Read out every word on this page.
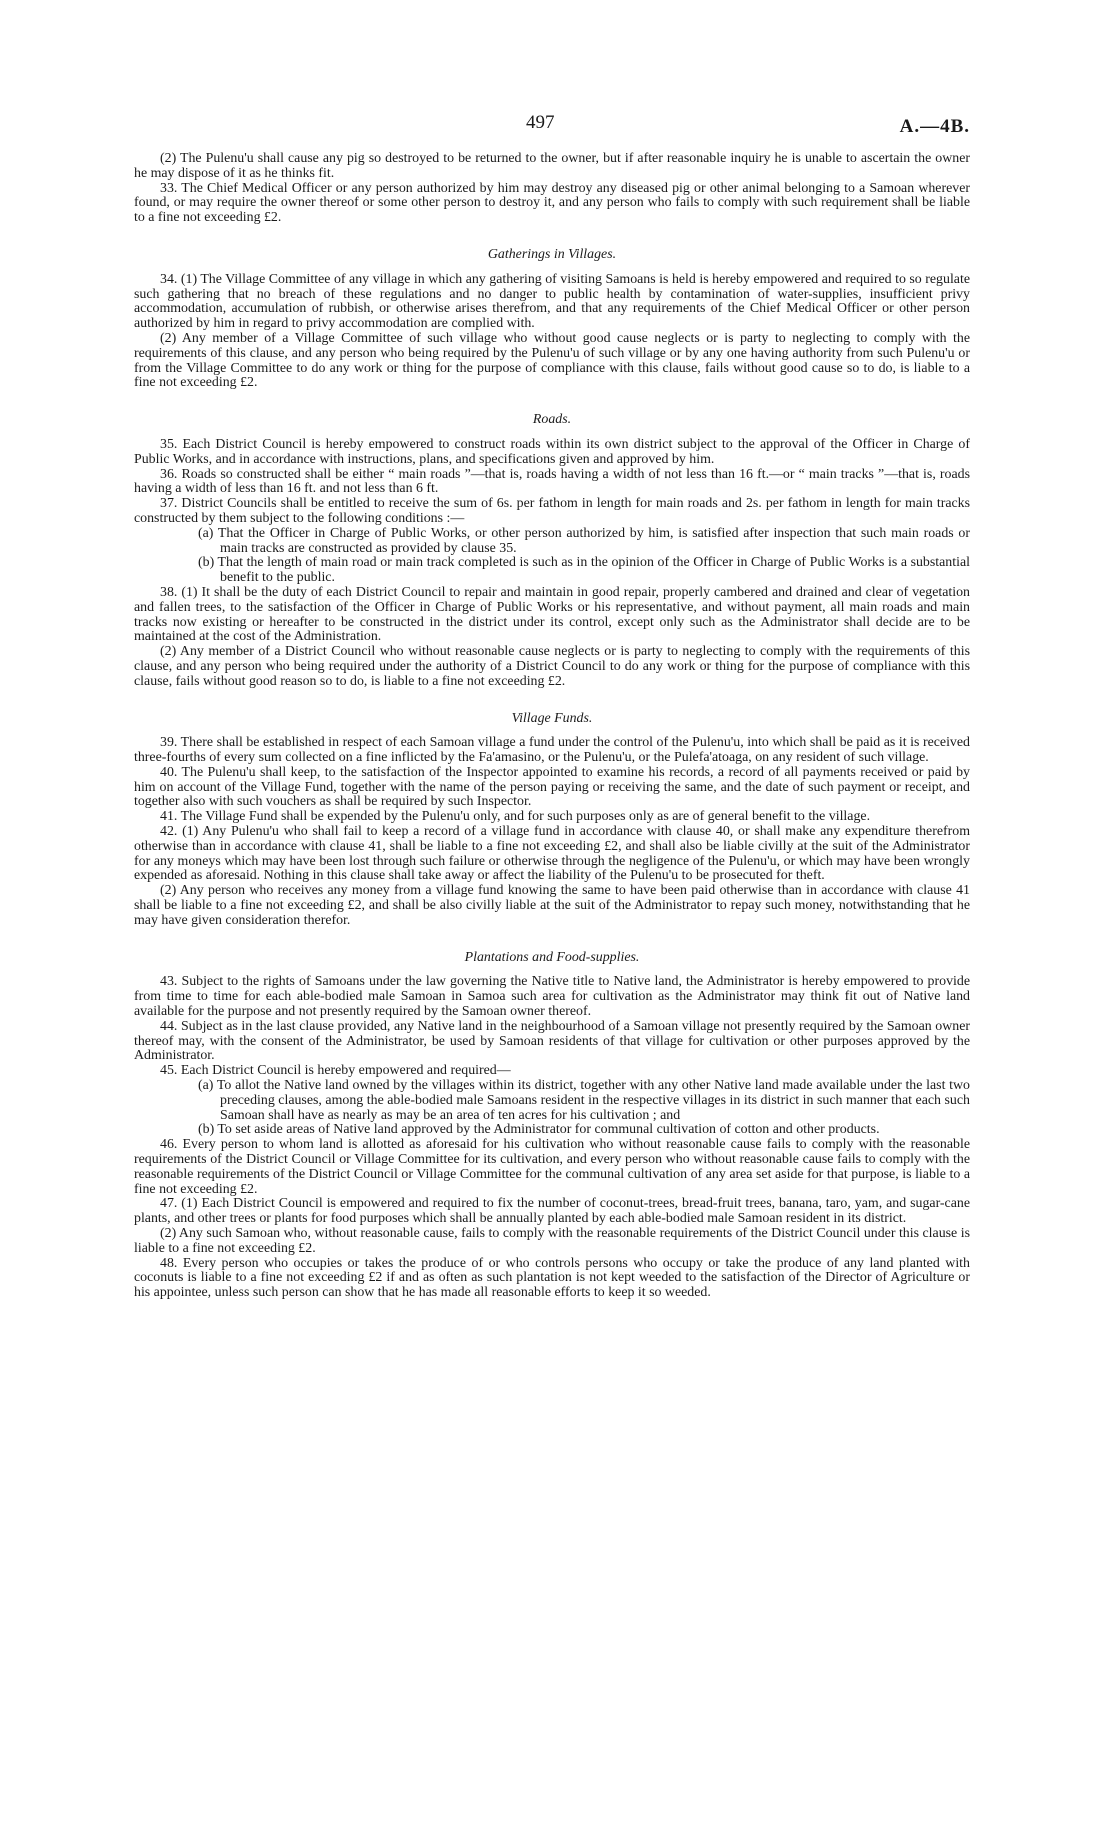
497	A.—4B.

(2) The Pulenu'u shall cause any pig so destroyed to be returned to the owner, but if after reasonable inquiry he is unable to ascertain the owner he may dispose of it as he thinks fit.

33. The Chief Medical Officer or any person authorized by him may destroy any diseased pig or other animal belonging to a Samoan wherever found, or may require the owner thereof or some other person to destroy it, and any person who fails to comply with such requirement shall be liable to a fine not exceeding £2.

Gatherings in Villages.

34. (1) The Village Committee of any village in which any gathering of visiting Samoans is held is hereby empowered and required to so regulate such gathering that no breach of these regulations and no danger to public health by contamination of water-supplies, insufficient privy accommodation, accumulation of rubbish, or otherwise arises therefrom, and that any requirements of the Chief Medical Officer or other person authorized by him in regard to privy accommodation are complied with.

(2) Any member of a Village Committee of such village who without good cause neglects or is party to neglecting to comply with the requirements of this clause, and any person who being required by the Pulenu'u of such village or by any one having authority from such Pulenu'u or from the Village Committee to do any work or thing for the purpose of compliance with this clause, fails without good cause so to do, is liable to a fine not exceeding £2.

Roads.

35. Each District Council is hereby empowered to construct roads within its own district subject to the approval of the Officer in Charge of Public Works, and in accordance with instructions, plans, and specifications given and approved by him.

36. Roads so constructed shall be either “ main roads ”—that is, roads having a width of not less than 16 ft.—or “ main tracks ”—that is, roads having a width of less than 16 ft. and not less than 6 ft.

37. District Councils shall be entitled to receive the sum of 6s. per fathom in length for main roads and 2s. per fathom in length for main tracks constructed by them subject to the following conditions :—

(a) That the Officer in Charge of Public Works, or other person authorized by him, is satisfied after inspection that such main roads or main tracks are constructed as provided by clause 35.

(b) That the length of main road or main track completed is such as in the opinion of the Officer in Charge of Public Works is a substantial benefit to the public.

38. (1) It shall be the duty of each District Council to repair and maintain in good repair, properly cambered and drained and clear of vegetation and fallen trees, to the satisfaction of the Officer in Charge of Public Works or his representative, and without payment, all main roads and main tracks now existing or hereafter to be constructed in the district under its control, except only such as the Administrator shall decide are to be maintained at the cost of the Administration.

(2) Any member of a District Council who without reasonable cause neglects or is party to neglecting to comply with the requirements of this clause, and any person who being required under the authority of a District Council to do any work or thing for the purpose of compliance with this clause, fails without good reason so to do, is liable to a fine not exceeding £2.

Village Funds.

39. There shall be established in respect of each Samoan village a fund under the control of the Pulenu'u, into which shall be paid as it is received three-fourths of every sum collected on a fine inflicted by the Fa'amasino, or the Pulenu'u, or the Pulefa'atoaga, on any resident of such village.

40. The Pulenu'u shall keep, to the satisfaction of the Inspector appointed to examine his records, a record of all payments received or paid by him on account of the Village Fund, together with the name of the person paying or receiving the same, and the date of such payment or receipt, and together also with such vouchers as shall be required by such Inspector.

41. The Village Fund shall be expended by the Pulenu'u only, and for such purposes only as are of general benefit to the village.

42. (1) Any Pulenu'u who shall fail to keep a record of a village fund in accordance with clause 40, or shall make any expenditure therefrom otherwise than in accordance with clause 41, shall be liable to a fine not exceeding £2, and shall also be liable civilly at the suit of the Administrator for any moneys which may have been lost through such failure or otherwise through the negligence of the Pulenu'u, or which may have been wrongly expended as aforesaid. Nothing in this clause shall take away or affect the liability of the Pulenu'u to be prosecuted for theft.

(2) Any person who receives any money from a village fund knowing the same to have been paid otherwise than in accordance with clause 41 shall be liable to a fine not exceeding £2, and shall be also civilly liable at the suit of the Administrator to repay such money, notwithstanding that he may have given consideration therefor.

Plantations and Food-supplies.

43. Subject to the rights of Samoans under the law governing the Native title to Native land, the Administrator is hereby empowered to provide from time to time for each able-bodied male Samoan in Samoa such area for cultivation as the Administrator may think fit out of Native land available for the purpose and not presently required by the Samoan owner thereof.

44. Subject as in the last clause provided, any Native land in the neighbourhood of a Samoan village not presently required by the Samoan owner thereof may, with the consent of the Administrator, be used by Samoan residents of that village for cultivation or other purposes approved by the Administrator.

45. Each District Council is hereby empowered and required—

(a) To allot the Native land owned by the villages within its district, together with any other Native land made available under the last two preceding clauses, among the able-bodied male Samoans resident in the respective villages in its district in such manner that each such Samoan shall have as nearly as may be an area of ten acres for his cultivation ; and

(b) To set aside areas of Native land approved by the Administrator for communal cultivation of cotton and other products.

46. Every person to whom land is allotted as aforesaid for his cultivation who without reasonable cause fails to comply with the reasonable requirements of the District Council or Village Committee for its cultivation, and every person who without reasonable cause fails to comply with the reasonable requirements of the District Council or Village Committee for the communal cultivation of any area set aside for that purpose, is liable to a fine not exceeding £2.

47. (1) Each District Council is empowered and required to fix the number of coconut-trees, bread-fruit trees, banana, taro, yam, and sugar-cane plants, and other trees or plants for food purposes which shall be annually planted by each able-bodied male Samoan resident in its district.

(2) Any such Samoan who, without reasonable cause, fails to comply with the reasonable requirements of the District Council under this clause is liable to a fine not exceeding £2.

48. Every person who occupies or takes the produce of or who controls persons who occupy or take the produce of any land planted with coconuts is liable to a fine not exceeding £2 if and as often as such plantation is not kept weeded to the satisfaction of the Director of Agriculture or his appointee, unless such person can show that he has made all reasonable efforts to keep it so weeded.
